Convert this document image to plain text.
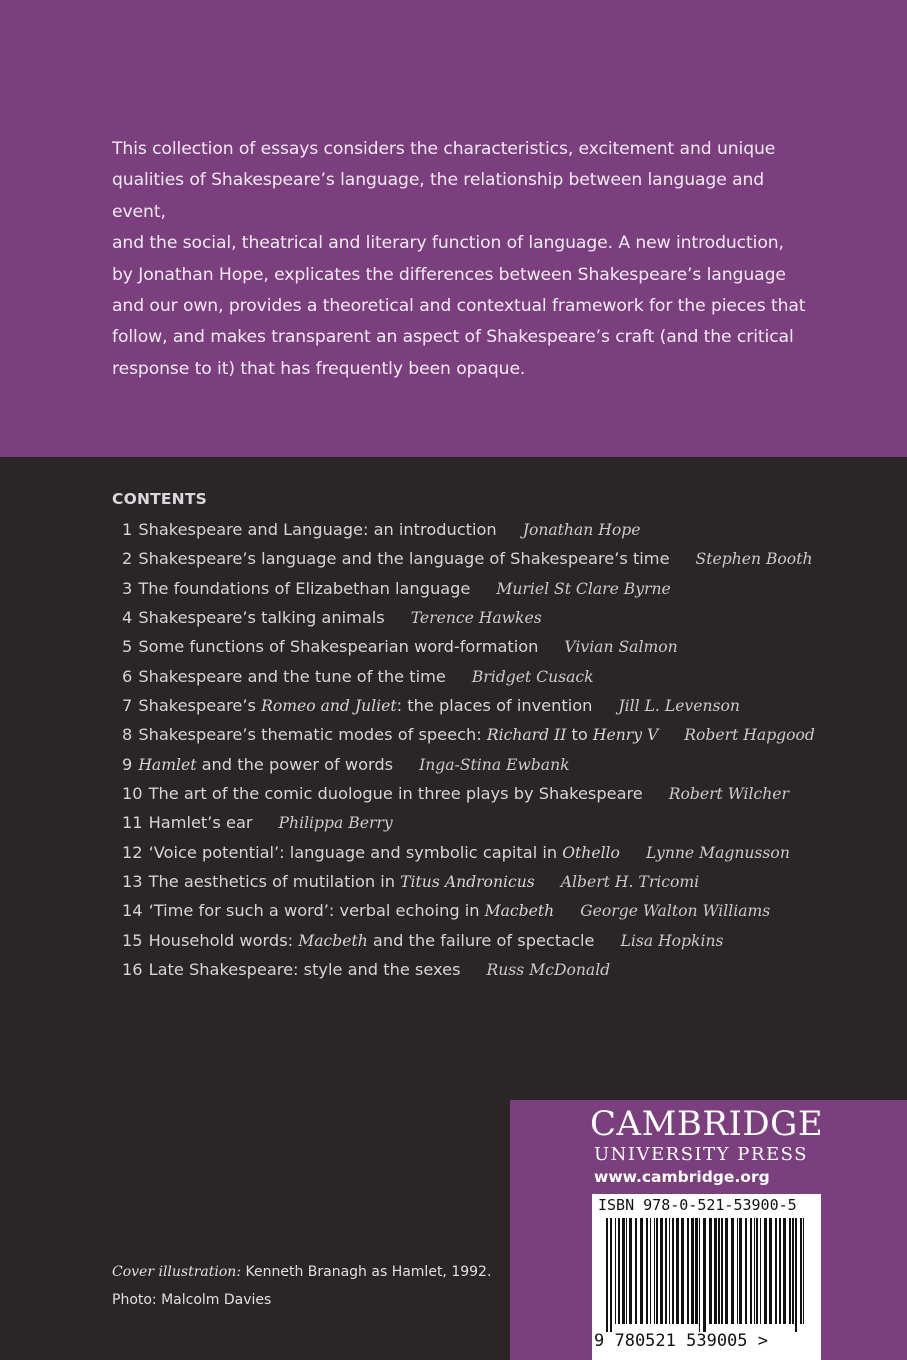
This collection of essays considers the characteristics, excitement and unique
qualities of Shakespeare’s language, the relationship between language and event,
and the social, theatrical and literary function of language. A new introduction,
by Jonathan Hope, explicates the differences between Shakespeare’s language
and our own, provides a theoretical and contextual framework for the pieces that
follow, and makes transparent an aspect of Shakespeare’s craft (and the critical
response to it) that has frequently been opaque.

CONTENTS
1 Shakespeare and Language: an introduction Jonathan Hope
2 Shakespeare’s language and the language of Shakespeare’s time Stephen Booth
3 The foundations of Elizabethan language Muriel St Clare Byrne
4 Shakespeare’s talking animals Terence Hawkes
5 Some functions of Shakespearian word-formation Vivian Salmon
6 Shakespeare and the tune of the time Bridget Cusack
7 Shakespeare’s Romeo and Juliet: the places of invention Jill L. Levenson
8 Shakespeare’s thematic modes of speech: Richard II to Henry V Robert Hapgood
9 Hamlet and the power of words Inga-Stina Ewbank
10 The art of the comic duologue in three plays by Shakespeare Robert Wilcher
11 Hamlet’s ear Philippa Berry
12 ‘Voice potential’: language and symbolic capital in Othello Lynne Magnusson
13 The aesthetics of mutilation in Titus Andronicus Albert H. Tricomi
14 ‘Time for such a word’: verbal echoing in Macbeth George Walton Williams
15 Household words: Macbeth and the failure of spectacle Lisa Hopkins
16 Late Shakespeare: style and the sexes Russ McDonald

Cover illustration: Kenneth Branagh as Hamlet, 1992.
Photo: Malcolm Davies

CAMBRIDGE

UNIVERSITY PRESS

www.cambridge.org

ISBN 978-0-521-53900-5
9 780521 539005 >
